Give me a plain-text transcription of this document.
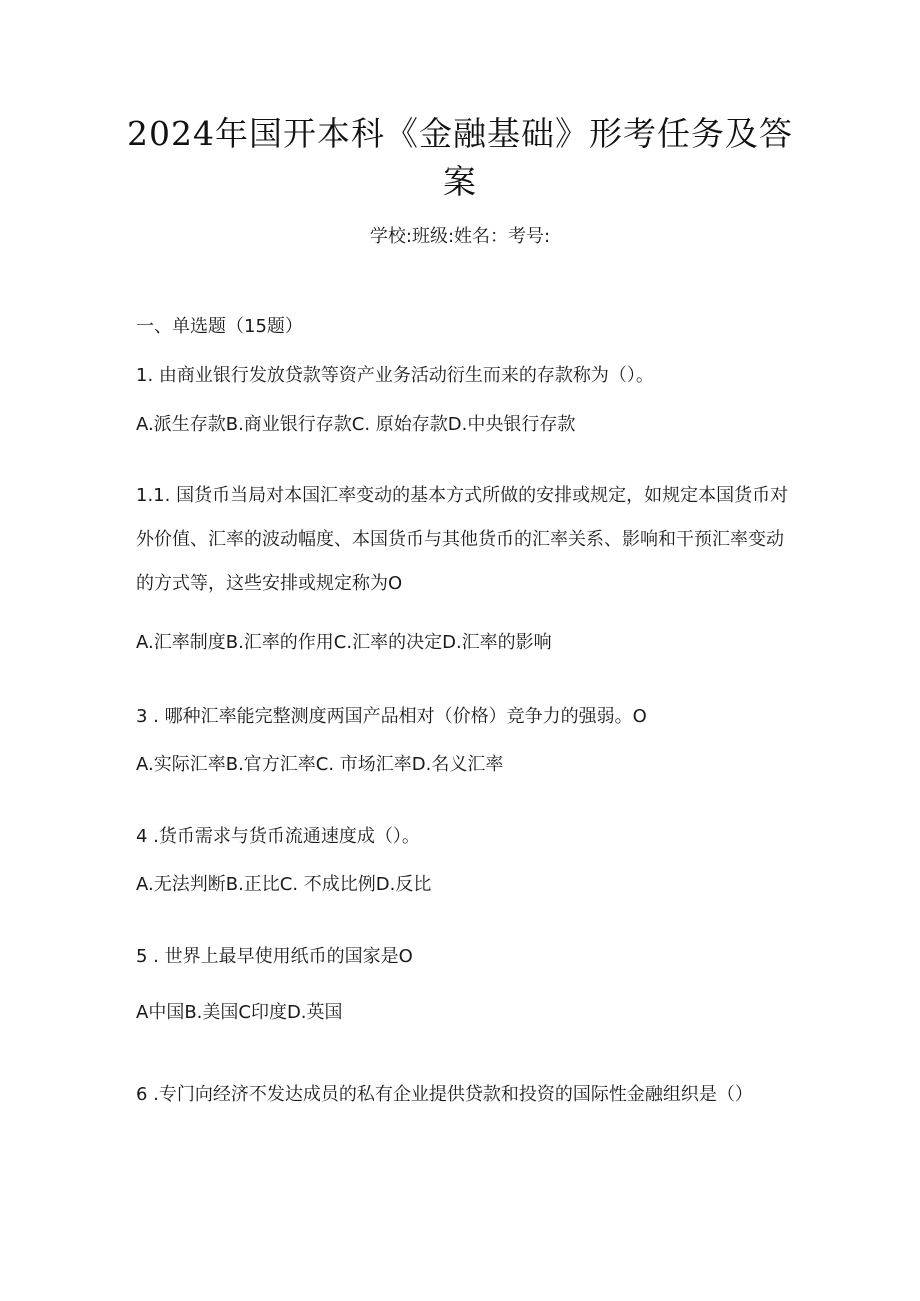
2024年国开本科《金融基础》形考任务及答案
学校:班级:姓名：考号:
一、单选题（15题）
1. 由商业银行发放贷款等资产业务活动衍生而来的存款称为（）。
A.派生存款B.商业银行存款C. 原始存款D.中央银行存款
1.1. 国货币当局对本国汇率变动的基本方式所做的安排或规定，如规定本国货币对外价值、汇率的波动幅度、本国货币与其他货币的汇率关系、影响和干预汇率变动的方式等，这些安排或规定称为O
A.汇率制度B.汇率的作用C.汇率的决定D.汇率的影响
3 . 哪种汇率能完整测度两国产品相对（价格）竞争力的强弱。O
A.实际汇率B.官方汇率C. 市场汇率D.名义汇率
4 .货币需求与货币流通速度成（）。
A.无法判断B.正比C. 不成比例D.反比
5 . 世界上最早使用纸币的国家是O
A中国B.美国C印度D.英国
6 .专门向经济不发达成员的私有企业提供贷款和投资的国际性金融组织是（）
